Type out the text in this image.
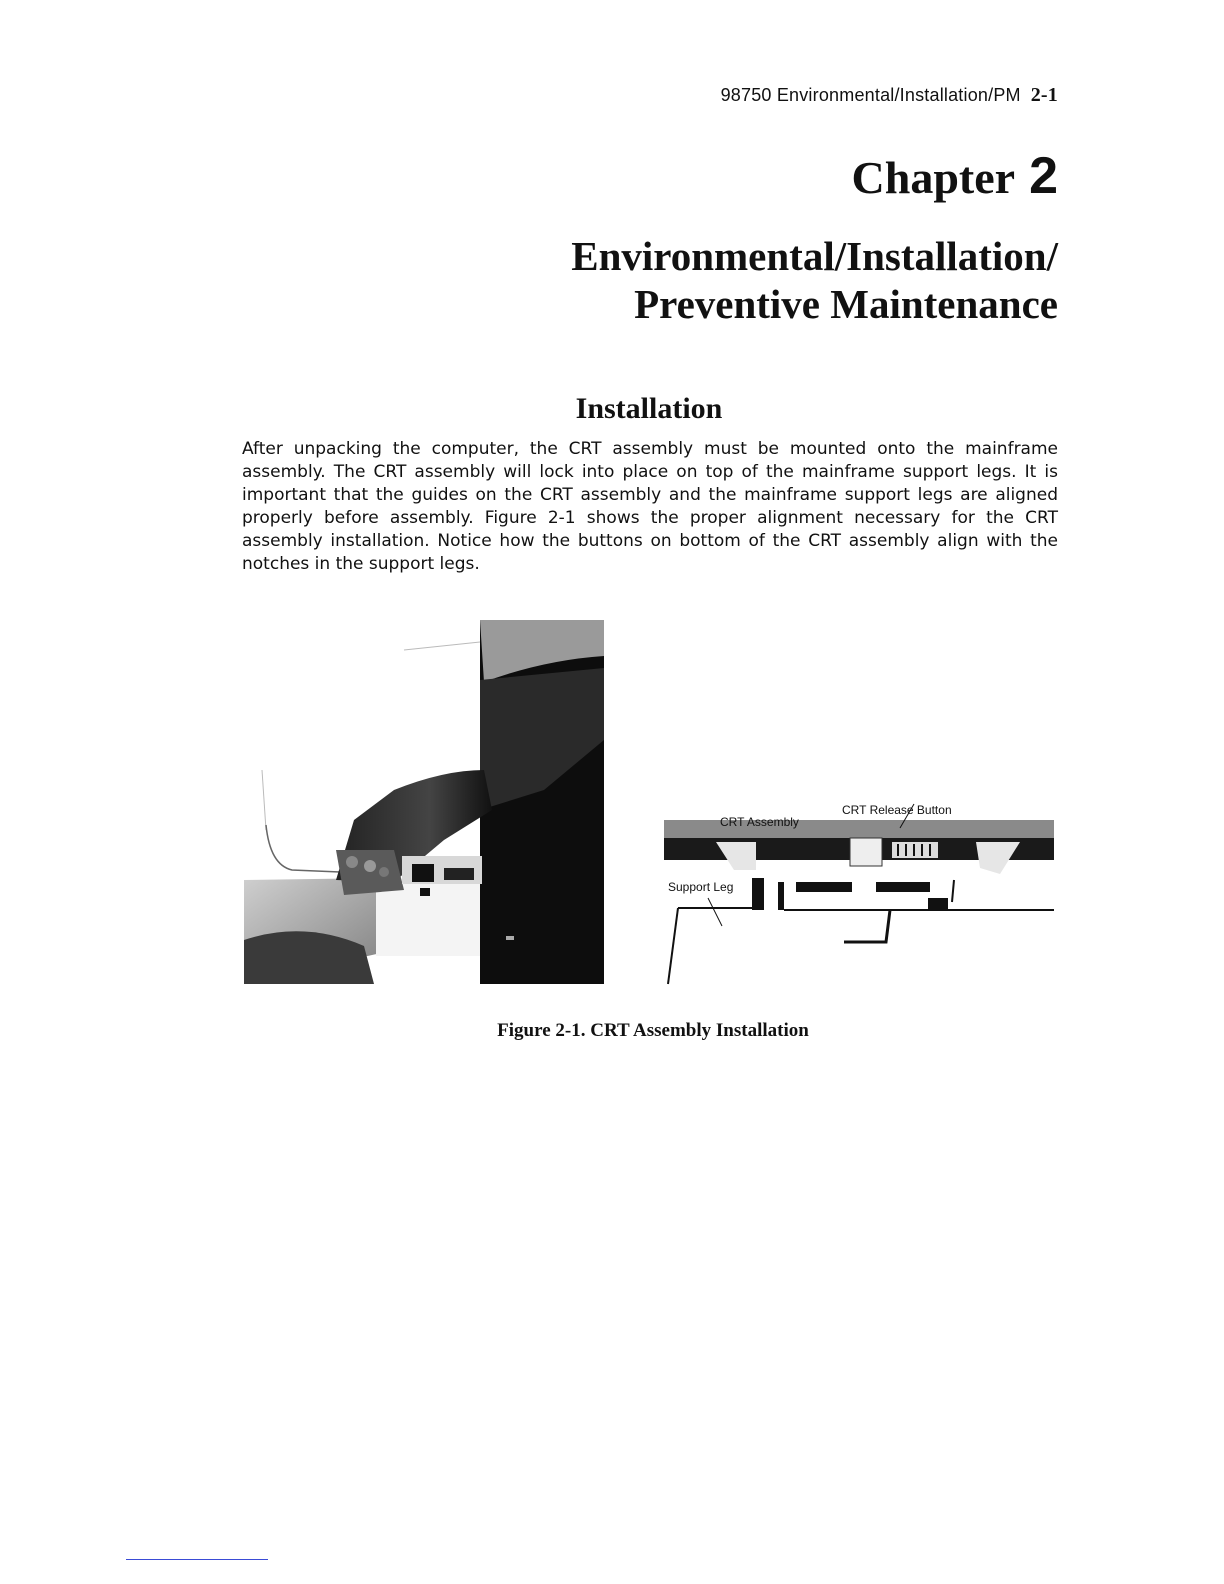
98750 Environmental/Installation/PM 2-1
Chapter 2
Environmental/Installation/
Preventive Maintenance
Installation

After unpacking the computer, the CRT assembly must be mounted onto the mainframe assembly. The CRT assembly will lock into place on top of the mainframe support legs. It is important that the guides on the CRT assembly and the mainframe support legs are aligned properly before assembly. Figure 2-1 shows the proper alignment necessary for the CRT assembly installation. Notice how the buttons on bottom of the CRT assembly align with the notches in the support legs.

CRT Release Button
CRT Assembly
Support Leg
Figure 2-1. CRT Assembly Installation
